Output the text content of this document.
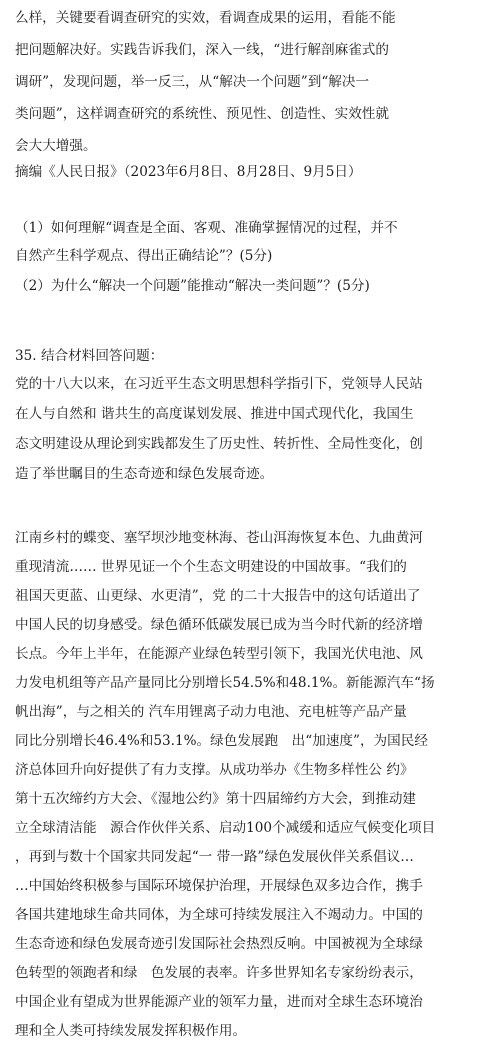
么样，关键要看调查研究的实效，看调查成果的运用，看能不能
把问题解决好。实践告诉我们，深入一线，“进行解剖麻雀式的
调研”，发现问题，举一反三，从“解决一个问题”到“解决一
类问题”，这样调查研究的系统性、预见性、创造性、实效性就
会大大增强。
摘编《人民日报》（2023年6月8日、8月28日、9月5日）
（1）如何理解“调查是全面、客观、准确掌握情况的过程，并不
自然产生科学观点、得出正确结论”？(5分)
（2）为什么“解决一个问题”能推动“解决一类问题”？(5分)
35. 结合材料回答问题：
党的十八大以来，在习近平生态文明思想科学指引下，党领导人民站
在人与自然和 谐共生的高度谋划发展、推进中国式现代化，我国生
态文明建设从理论到实践都发生了历史性、转折性、全局性变化，创
造了举世瞩目的生态奇迹和绿色发展奇迹。
江南乡村的蝶变、塞罕坝沙地变林海、苍山洱海恢复本色、九曲黄河
重现清流…… 世界见证一个个生态文明建设的中国故事。“我们的
祖国天更蓝、山更绿、水更清”，党 的二十大报告中的这句话道出了
中国人民的切身感受。绿色循环低碳发展已成为当今时代新的经济增
长点。今年上半年，在能源产业绿色转型引领下，我国光伏电池、风
力发电机组等产品产量同比分别增长54.5%和48.1%。新能源汽车“扬
帆出海”，与之相关的 汽车用锂离子动力电池、充电桩等产品产量
同比分别增长46.4%和53.1%。绿色发展跑　出“加速度”，为国民经
济总体回升向好提供了有力支撑。从成功举办《生物多样性公 约》
第十五次缔约方大会、《湿地公约》第十四届缔约方大会，到推动建
立全球清洁能　源合作伙伴关系、启动100个减缓和适应气候变化项目
，再到与数十个国家共同发起“一 带一路”绿色发展伙伴关系倡议…
…中国始终积极参与国际环境保护治理，开展绿色双多边合作，携手
各国共建地球生命共同体，为全球可持续发展注入不竭动力。中国的
生态奇迹和绿色发展奇迹引发国际社会热烈反响。中国被视为全球绿
色转型的领跑者和绿　色发展的表率。许多世界知名专家纷纷表示，
中国企业有望成为世界能源产业的领军力量，进而对全球生态环境治
理和全人类可持续发展发挥积极作用。
